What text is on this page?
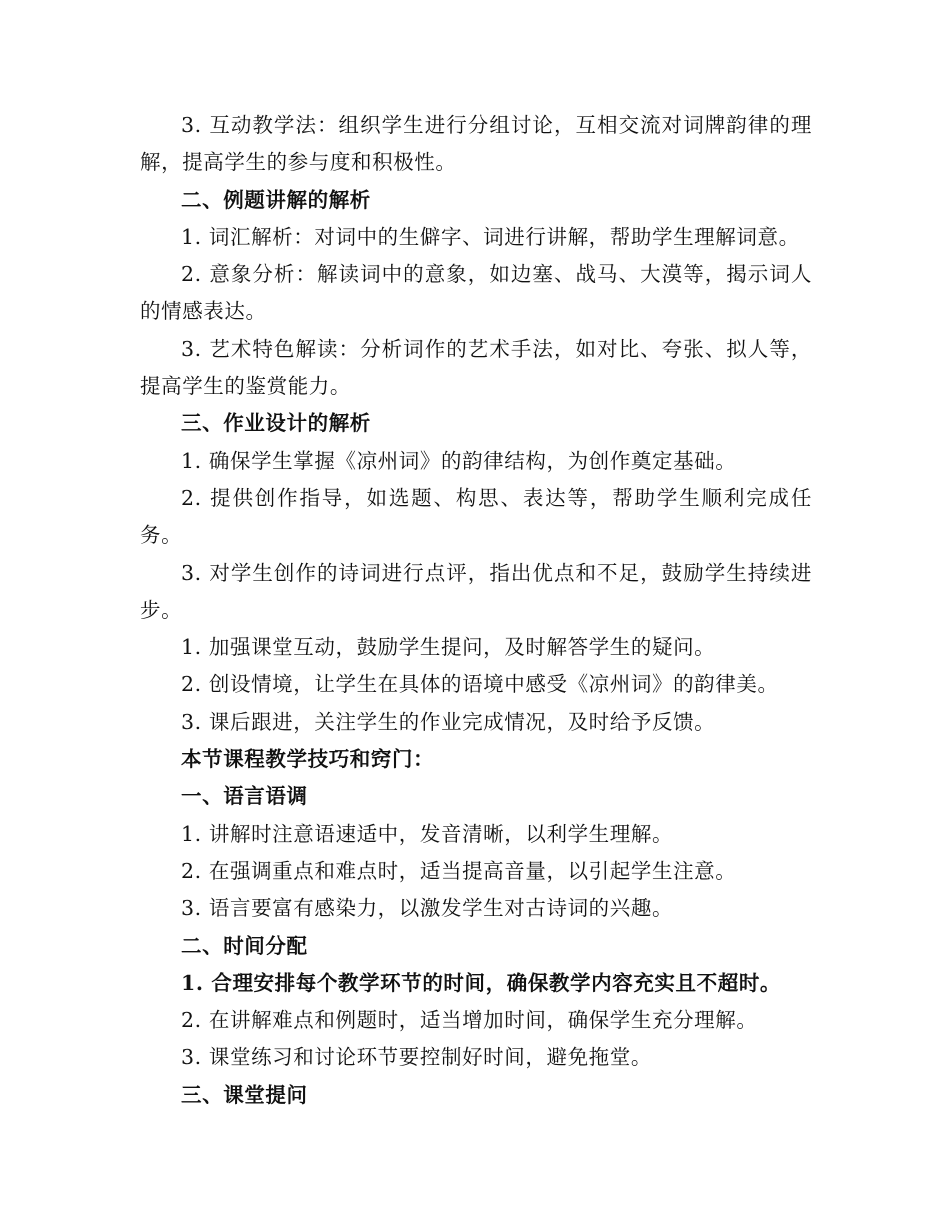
3. 互动教学法：组织学生进行分组讨论，互相交流对词牌韵律的理解，提高学生的参与度和积极性。

二、例题讲解的解析

1. 词汇解析：对词中的生僻字、词进行讲解，帮助学生理解词意。

2. 意象分析：解读词中的意象，如边塞、战马、大漠等，揭示词人的情感表达。

3. 艺术特色解读：分析词作的艺术手法，如对比、夸张、拟人等，提高学生的鉴赏能力。

三、作业设计的解析

1. 确保学生掌握《凉州词》的韵律结构，为创作奠定基础。

2. 提供创作指导，如选题、构思、表达等，帮助学生顺利完成任务。

3. 对学生创作的诗词进行点评，指出优点和不足，鼓励学生持续进步。

1. 加强课堂互动，鼓励学生提问，及时解答学生的疑问。

2. 创设情境，让学生在具体的语境中感受《凉州词》的韵律美。

3. 课后跟进，关注学生的作业完成情况，及时给予反馈。

本节课程教学技巧和窍门：

一、语言语调

1. 讲解时注意语速适中，发音清晰，以利学生理解。

2. 在强调重点和难点时，适当提高音量，以引起学生注意。

3. 语言要富有感染力，以激发学生对古诗词的兴趣。

二、时间分配

1. 合理安排每个教学环节的时间，确保教学内容充实且不超时。

2. 在讲解难点和例题时，适当增加时间，确保学生充分理解。

3. 课堂练习和讨论环节要控制好时间，避免拖堂。

三、课堂提问
